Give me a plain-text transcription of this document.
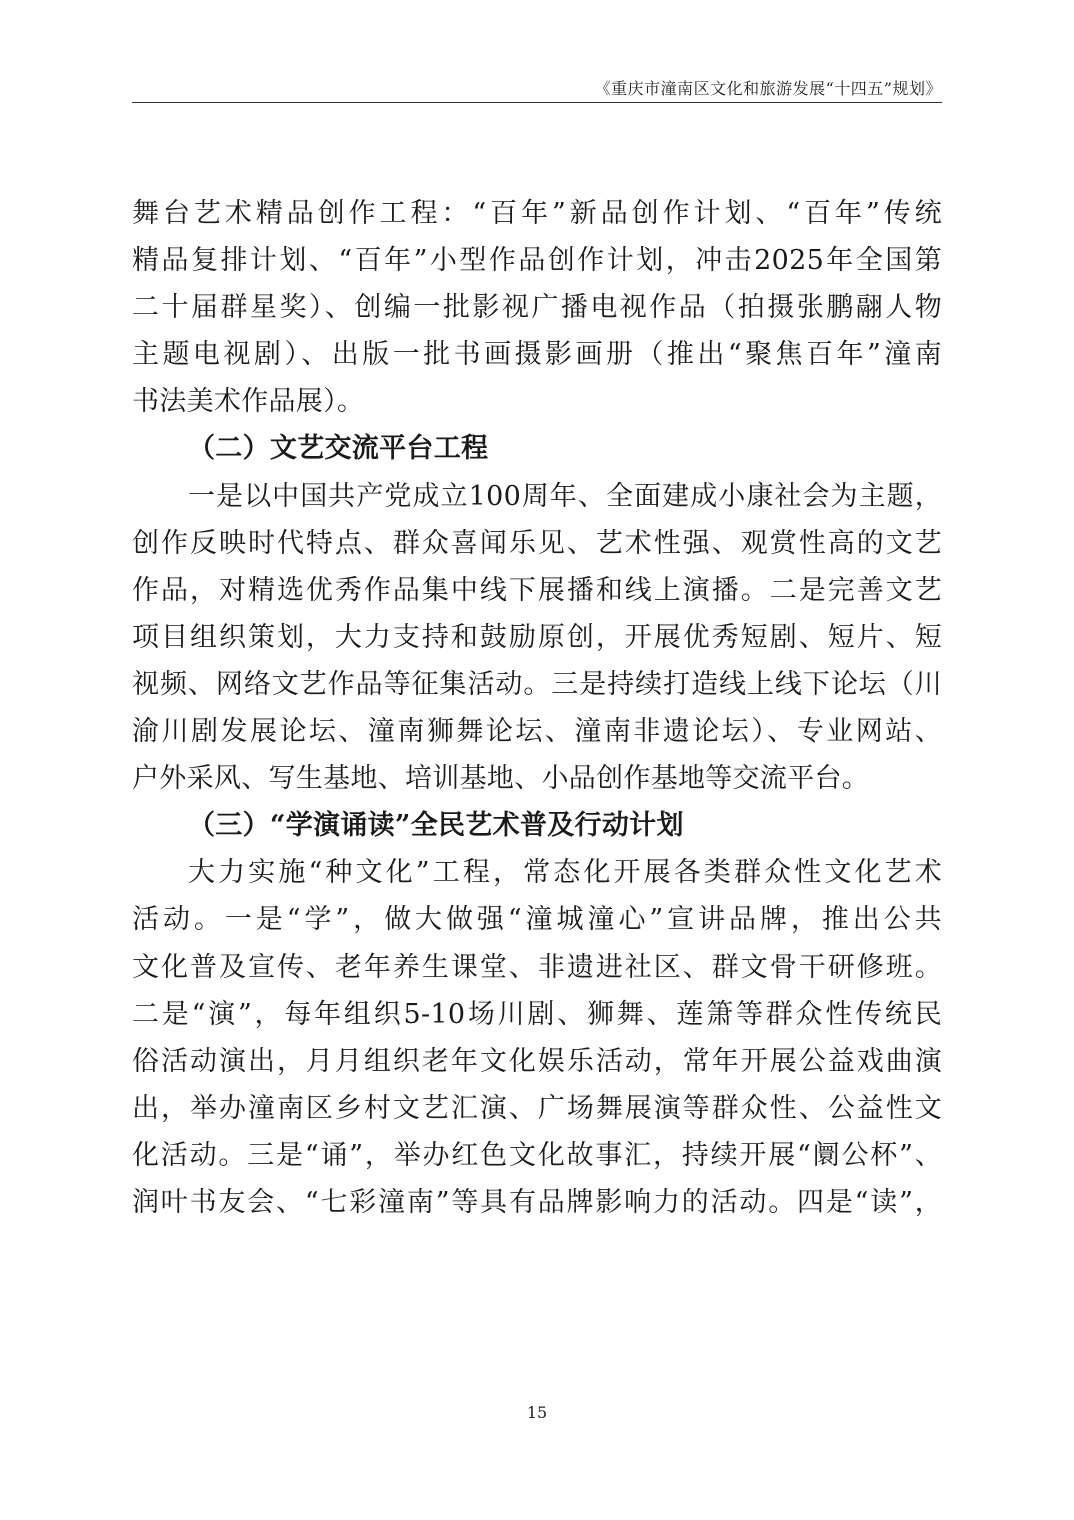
《重庆市潼南区文化和旅游发展“十四五”规划》
舞台艺术精品创作工程：“百年”新品创作计划、“百年”传统
精品复排计划、“百年”小型作品创作计划，冲击2025年全国第
二十届群星奖）、创编一批影视广播电视作品（拍摄张鹏翮人物
主题电视剧）、出版一批书画摄影画册（推出“聚焦百年”潼南
书法美术作品展）。
（二）文艺交流平台工程
一是以中国共产党成立100周年、全面建成小康社会为主题，
创作反映时代特点、群众喜闻乐见、艺术性强、观赏性高的文艺
作品，对精选优秀作品集中线下展播和线上演播。二是完善文艺
项目组织策划，大力支持和鼓励原创，开展优秀短剧、短片、短
视频、网络文艺作品等征集活动。三是持续打造线上线下论坛（川
渝川剧发展论坛、潼南狮舞论坛、潼南非遗论坛）、专业网站、
户外采风、写生基地、培训基地、小品创作基地等交流平台。
（三）“学演诵读”全民艺术普及行动计划
大力实施“种文化”工程，常态化开展各类群众性文化艺术
活动。一是“学”，做大做强“潼城潼心”宣讲品牌，推出公共
文化普及宣传、老年养生课堂、非遗进社区、群文骨干研修班。
二是“演”，每年组织5-10场川剧、狮舞、莲箫等群众性传统民
俗活动演出，月月组织老年文化娱乐活动，常年开展公益戏曲演
出，举办潼南区乡村文艺汇演、广场舞展演等群众性、公益性文
化活动。三是“诵”，举办红色文化故事汇，持续开展“阛公杯”、
润叶书友会、“七彩潼南”等具有品牌影响力的活动。四是“读”，
15
